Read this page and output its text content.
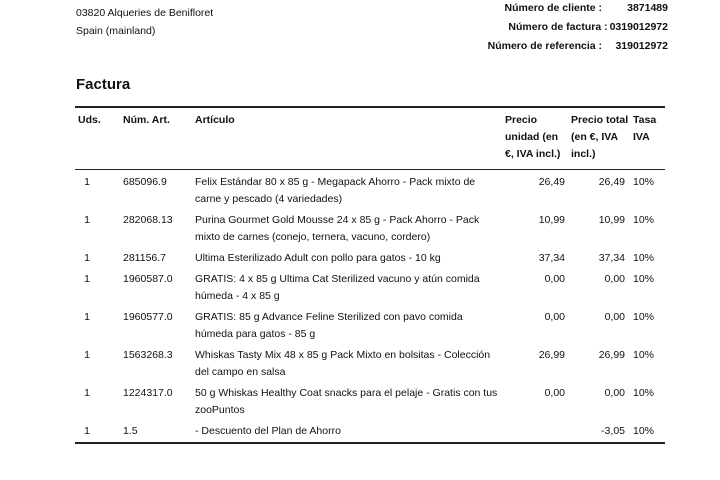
03820 Alqueries de Benifloret
Spain (mainland)
Número de cliente :	3871489
Número de factura : 0319012972
Número de referencia :	319012972
Factura
Uds.	Núm. Art.	Artículo	Precio unidad (en €, IVA incl.)	Precio total (en €, IVA incl.)	Tasa IVA
1	685096.9	Felix Estándar 80 x 85 g - Megapack Ahorro - Pack mixto de carne y pescado (4 variedades)	26,49	26,49	10%
1	282068.13	Purina Gourmet Gold Mousse 24 x 85 g - Pack Ahorro - Pack mixto de carnes (conejo, ternera, vacuno, cordero)	10,99	10,99	10%
1	281156.7	Ultima Esterilizado Adult con pollo para gatos - 10 kg	37,34	37,34	10%
1	1960587.0	GRATIS: 4 x 85 g Ultima Cat Sterilized vacuno y atún comida húmeda - 4 x 85 g	0,00	0,00	10%
1	1960577.0	GRATIS: 85 g Advance Feline Sterilized con pavo comida húmeda para gatos - 85 g	0,00	0,00	10%
1	1563268.3	Whiskas Tasty Mix 48 x 85 g Pack Mixto en bolsitas - Colección del campo en salsa	26,99	26,99	10%
1	1224317.0	50 g Whiskas Healthy Coat snacks para el pelaje - Gratis con tus zooPuntos	0,00	0,00	10%
1	1.5	- Descuento del Plan de Ahorro		-3,05	10%
